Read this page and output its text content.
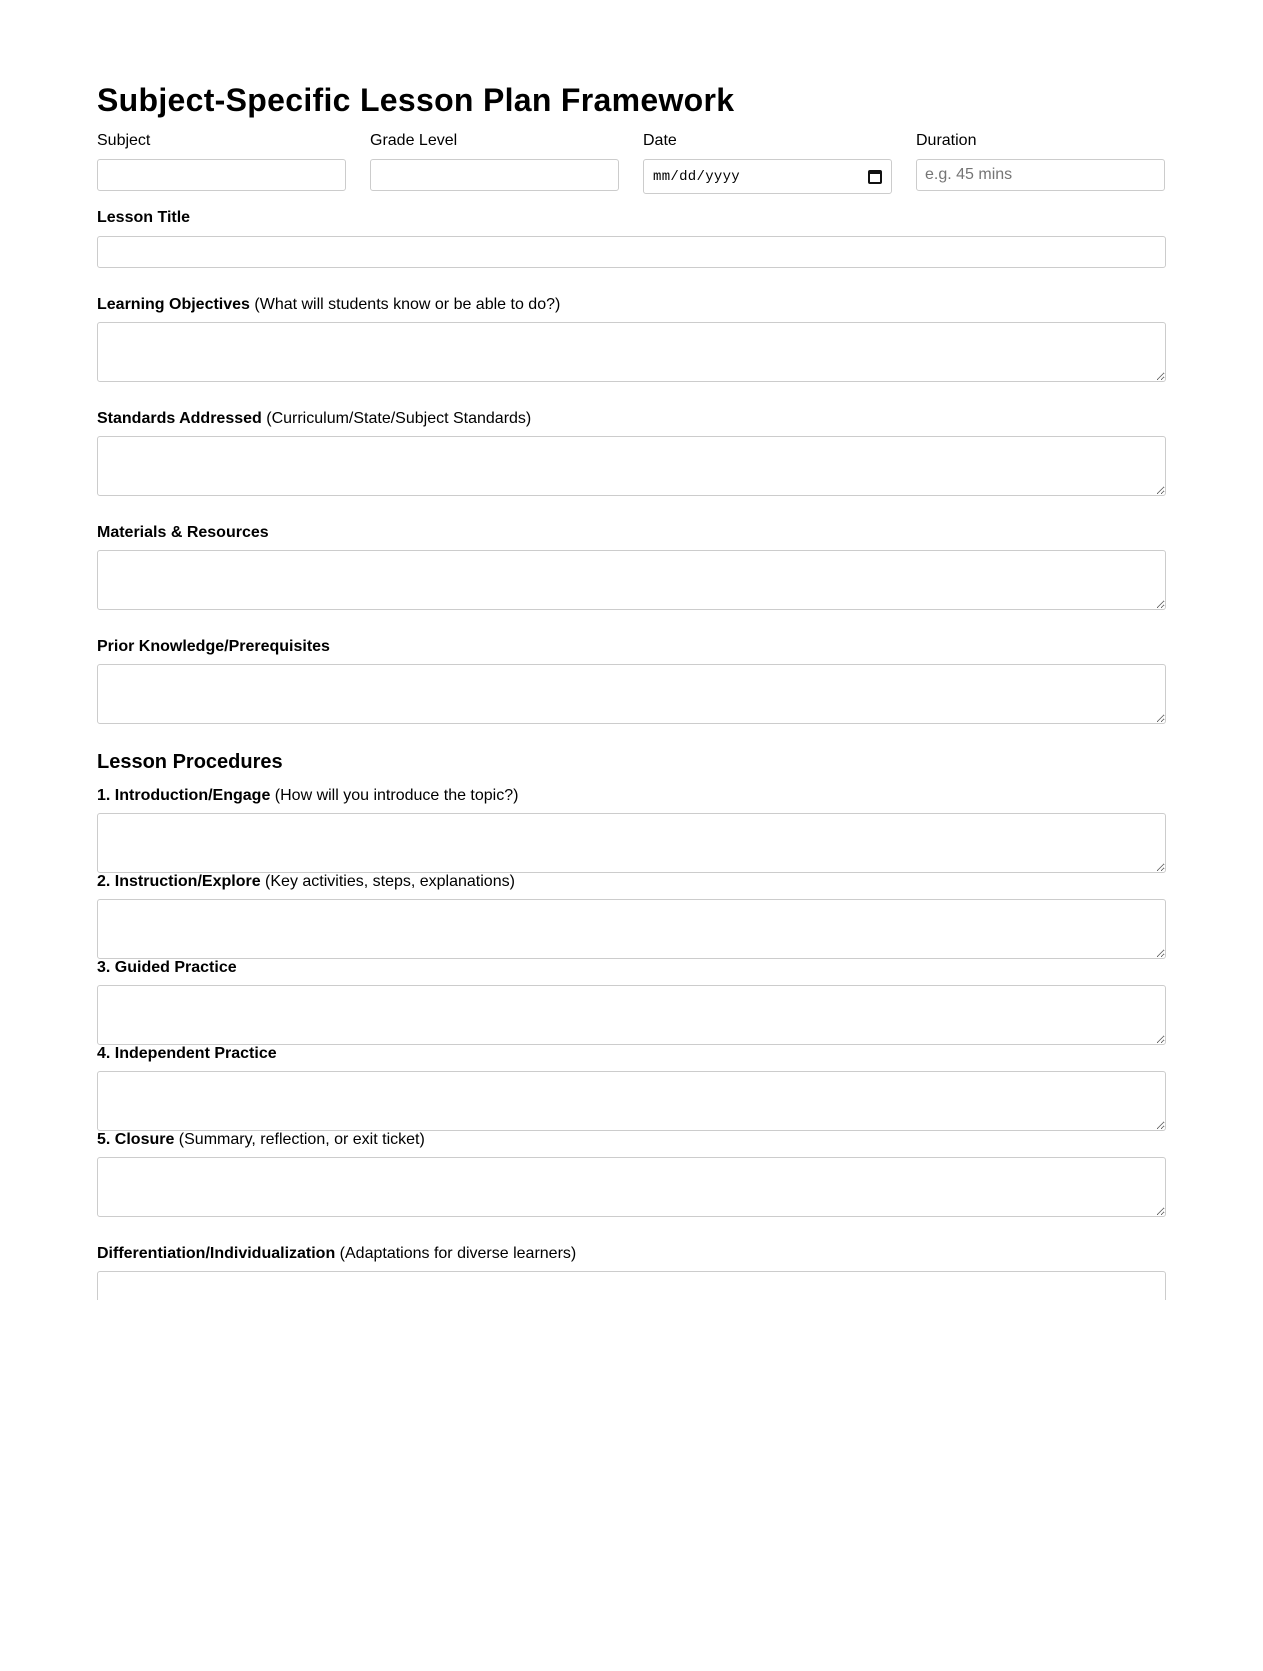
Subject-Specific Lesson Plan Framework
Subject	Grade Level	Date
mm/dd/yyyy
Duration
e.g. 45 mins
Lesson Title
Learning Objectives (What will students know or be able to do?)
Standards Addressed (Curriculum/State/Subject Standards)
Materials & Resources
Prior Knowledge/Prerequisites
Lesson Procedures
1. Introduction/Engage (How will you introduce the topic?)
2. Instruction/Explore (Key activities, steps, explanations)
3. Guided Practice
4. Independent Practice
5. Closure (Summary, reflection, or exit ticket)
Differentiation/Individualization (Adaptations for diverse learners)
